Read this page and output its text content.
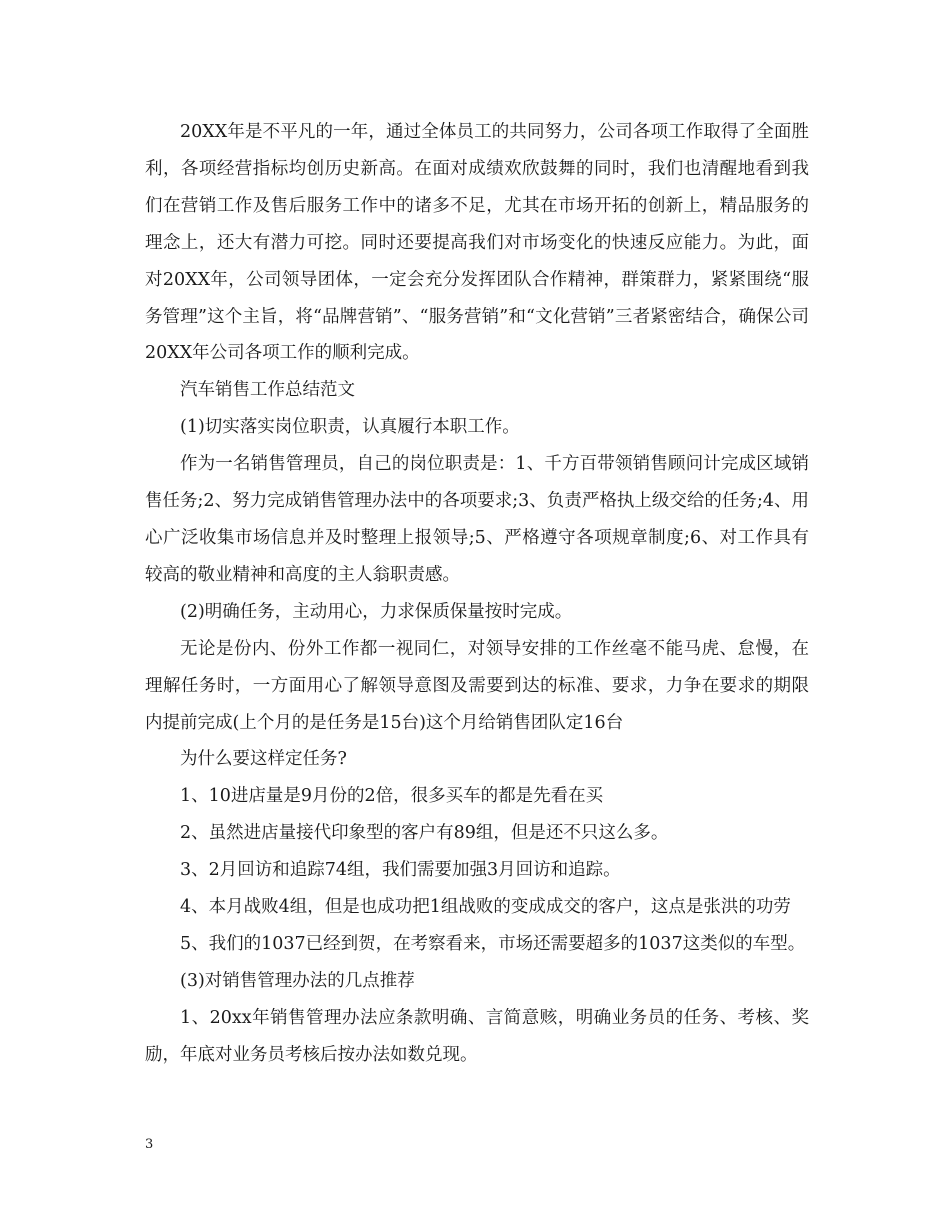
20XX年是不平凡的一年，通过全体员工的共同努力，公司各项工作取得了全面胜利，各项经营指标均创历史新高。在面对成绩欢欣鼓舞的同时，我们也清醒地看到我们在营销工作及售后服务工作中的诸多不足，尤其在市场开拓的创新上，精品服务的理念上，还大有潜力可挖。同时还要提高我们对市场变化的快速反应能力。为此，面对20XX年，公司领导团体，一定会充分发挥团队合作精神，群策群力，紧紧围绕“服务管理”这个主旨，将“品牌营销”、“服务营销”和“文化营销”三者紧密结合，确保公司20XX年公司各项工作的顺利完成。

汽车销售工作总结范文

(1)切实落实岗位职责，认真履行本职工作。

作为一名销售管理员，自己的岗位职责是：1、千方百带领销售顾问计完成区域销售任务;2、努力完成销售管理办法中的各项要求;3、负责严格执上级交给的任务;4、用心广泛收集市场信息并及时整理上报领导;5、严格遵守各项规章制度;6、对工作具有较高的敬业精神和高度的主人翁职责感。

(2)明确任务，主动用心，力求保质保量按时完成。

无论是份内、份外工作都一视同仁，对领导安排的工作丝毫不能马虎、怠慢，在理解任务时，一方面用心了解领导意图及需要到达的标准、要求，力争在要求的期限内提前完成(上个月的是任务是15台)这个月给销售团队定16台

为什么要这样定任务?

1、10进店量是9月份的2倍，很多买车的都是先看在买

2、虽然进店量接代印象型的客户有89组，但是还不只这么多。

3、2月回访和追踪74组，我们需要加强3月回访和追踪。

4、本月战败4组，但是也成功把1组战败的变成成交的客户，这点是张洪的功劳

5、我们的1037已经到贺，在考察看来，市场还需要超多的1037这类似的车型。

(3)对销售管理办法的几点推荐

1、20xx年销售管理办法应条款明确、言简意赅，明确业务员的任务、考核、奖励，年底对业务员考核后按办法如数兑现。

3
